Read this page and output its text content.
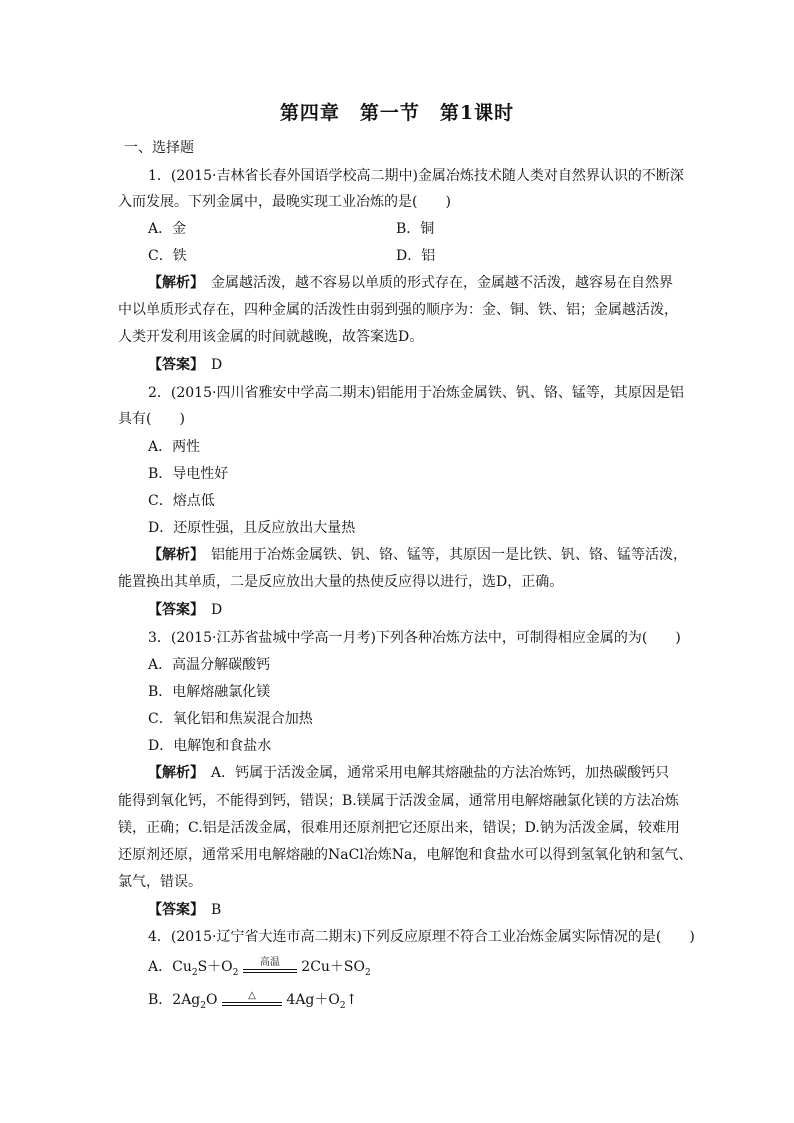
第四章　第一节　第1课时
一、选择题
1．(2015·吉林省长春外国语学校高二期中)金属冶炼技术随人类对自然界认识的不断深
入而发展。下列金属中，最晚实现工业冶炼的是(　　)
A．金	B．铜
C．铁	D．铝
【解析】　金属越活泼，越不容易以单质的形式存在，金属越不活泼，越容易在自然界
中以单质形式存在，四种金属的活泼性由弱到强的顺序为：金、铜、铁、铝；金属越活泼，
人类开发利用该金属的时间就越晚，故答案选D。
【答案】　D
2．(2015·四川省雅安中学高二期末)铝能用于冶炼金属铁、钒、铬、锰等，其原因是铝
具有(　　)
A．两性
B．导电性好
C．熔点低
D．还原性强，且反应放出大量热
【解析】　铝能用于冶炼金属铁、钒、铬、锰等，其原因一是比铁、钒、铬、锰等活泼，
能置换出其单质，二是反应放出大量的热使反应得以进行，选D，正确。
【答案】　D
3．(2015·江苏省盐城中学高一月考)下列各种冶炼方法中，可制得相应金属的为(　　)
A．高温分解碳酸钙
B．电解熔融氯化镁
C．氧化铝和焦炭混合加热
D．电解饱和食盐水
【解析】　A．钙属于活泼金属，通常采用电解其熔融盐的方法冶炼钙，加热碳酸钙只
能得到氧化钙，不能得到钙，错误；B.镁属于活泼金属，通常用电解熔融氯化镁的方法冶炼
镁，正确；C.铝是活泼金属，很难用还原剂把它还原出来，错误；D.钠为活泼金属，较难用
还原剂还原，通常采用电解熔融的NaCl冶炼Na，电解饱和食盐水可以得到氢氧化钠和氢气、
氯气，错误。
【答案】　B
4．(2015·辽宁省大连市高二期末)下列反应原理不符合工业冶炼金属实际情况的是(　　)
A．$Cu_2S+O_2$
高温	$2Cu+SO_2$
B．$2Ag_2O$	△	$4Ag+O_2↑$
